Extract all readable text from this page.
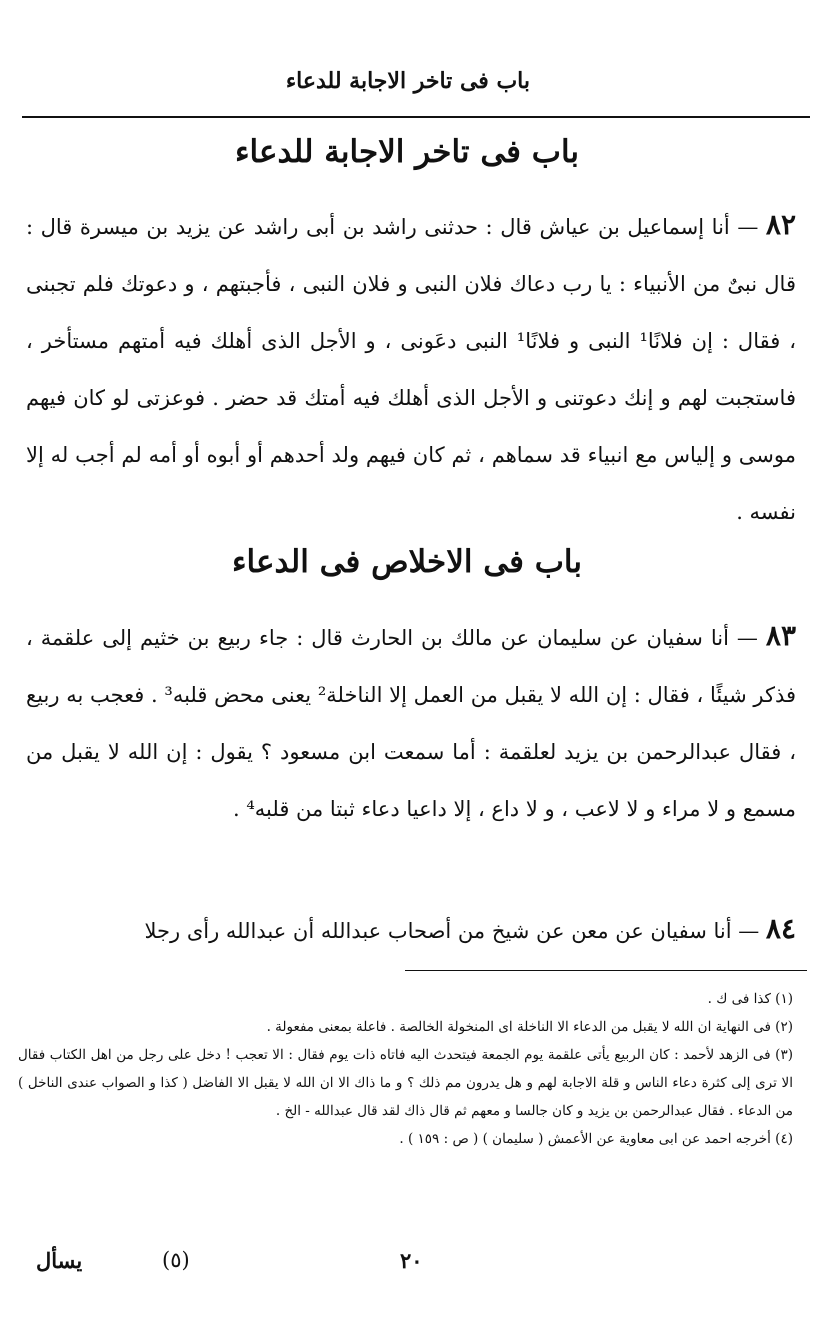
باب فى تاخر الاجابة للدعاء
باب فى تاخر الاجابة للدعاء
٨٢ — أنا إسماعيل بن عياش قال : حدثنى راشد بن أبى راشد عن يزيد بن ميسرة قال : قال نبىٌ من الأنبياء : يا رب دعاك فلان النبى و فلان النبى ، فأجبتهم ، و دعوتك فلم تجبنى ، فقال : إن فلانًا¹ النبى و فلانًا¹ النبى دعَونى ، و الأجل الذى أهلك فيه أمتهم مستأخر ، فاستجبت لهم و إنك دعوتنى و الأجل الذى أهلك فيه أمتك قد حضر . فوعزتى لو كان فيهم موسى و إلياس مع انبياء قد سماهم ، ثم كان فيهم ولد أحدهم أو أبوه أو أمه لم أجب له إلا نفسه .
باب فى الاخلاص فى الدعاء
٨٣ — أنا سفيان عن سليمان عن مالك بن الحارث قال : جاء ربيع بن خثيم إلى علقمة ، فذكر شيئًا ، فقال : إن الله لا يقبل من العمل إلا الناخلة² يعنى محض قلبه³ . فعجب به ربيع ، فقال عبدالرحمن بن يزيد لعلقمة : أما سمعت ابن مسعود ؟ يقول : إن الله لا يقبل من مسمع و لا مراء و لا لاعب ، و لا داع ، إلا داعيا دعاء ثبتا من قلبه⁴ .
٨٤ — أنا سفيان عن معن عن شيخ من أصحاب عبدالله أن عبدالله رأى رجلا

(١) كذا فى ك .

(٢) فى النهاية ان الله لا يقبل من الدعاء الا الناخلة اى المنخولة الخالصة . فاعلة بمعنى مفعولة .

(٣) فى الزهد لأحمد : كان الربيع يأتى علقمة يوم الجمعة فيتحدث اليه فاتاه ذات يوم فقال : الا تعجب ! دخل على رجل من اهل الكتاب فقال الا ترى إلى كثرة دعاء الناس و قلة الاجابة لهم و هل يدرون مم ذلك ؟ و ما ذاك الا ان الله لا يقبل الا الفاضل ( كذا و الصواب عندى الناخل ) من الدعاء . فقال عبدالرحمن بن يزيد و كان جالسا و معهم ثم قال ذاك لقد قال عبدالله - الخ .

(٤) أخرجه احمد عن ابى معاوية عن الأعمش ( سليمان ) ( ص : ١٥٩ ) .

يسأل	(٥)	٢٠
